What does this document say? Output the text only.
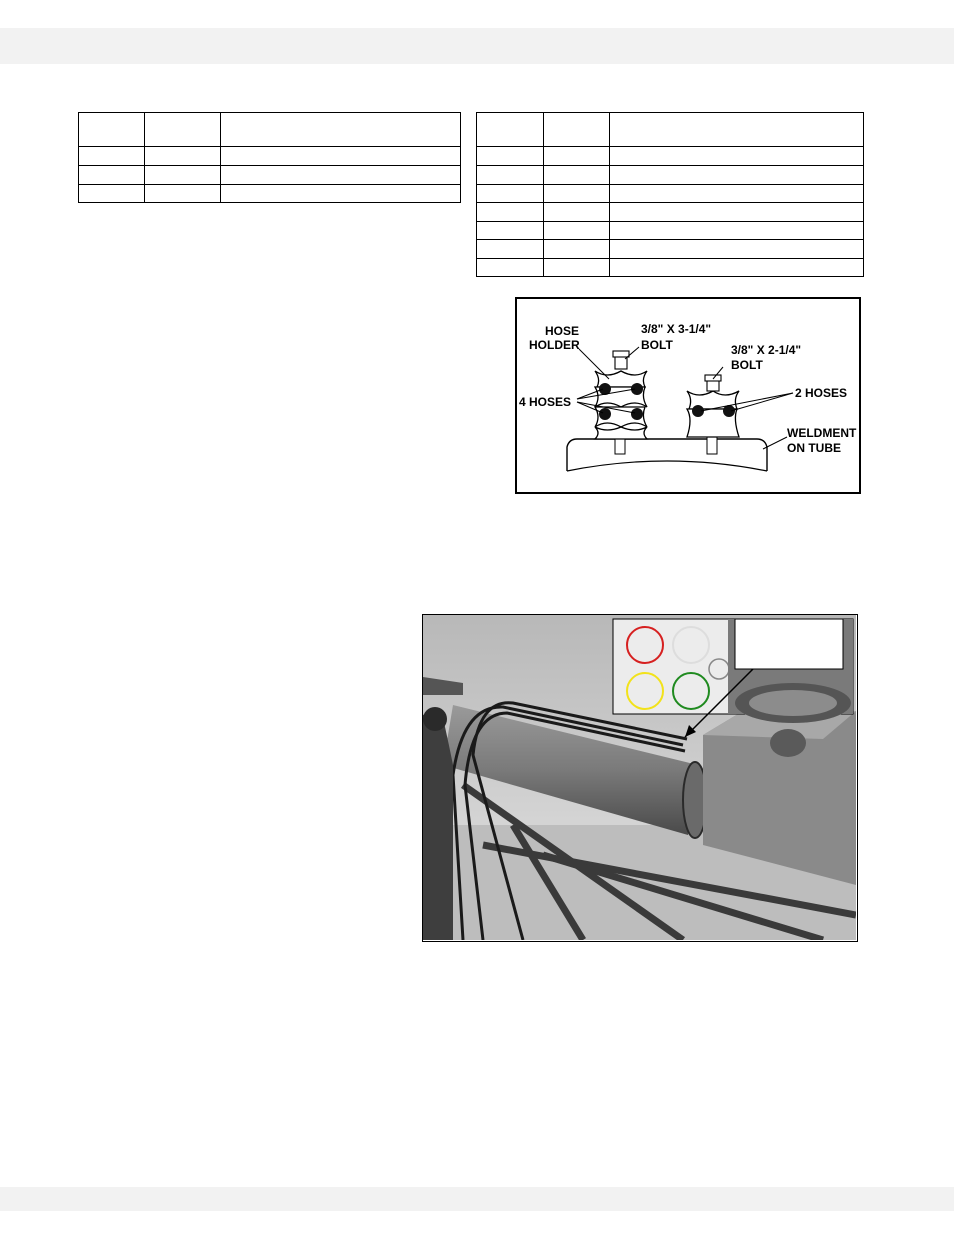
HOSE
HOLDER
3/8" X 3-1/4"
BOLT	3/8" X 2-1/4"
BOLT
4 HOSES
2 HOSES
WELDMENT
ON TUBE
